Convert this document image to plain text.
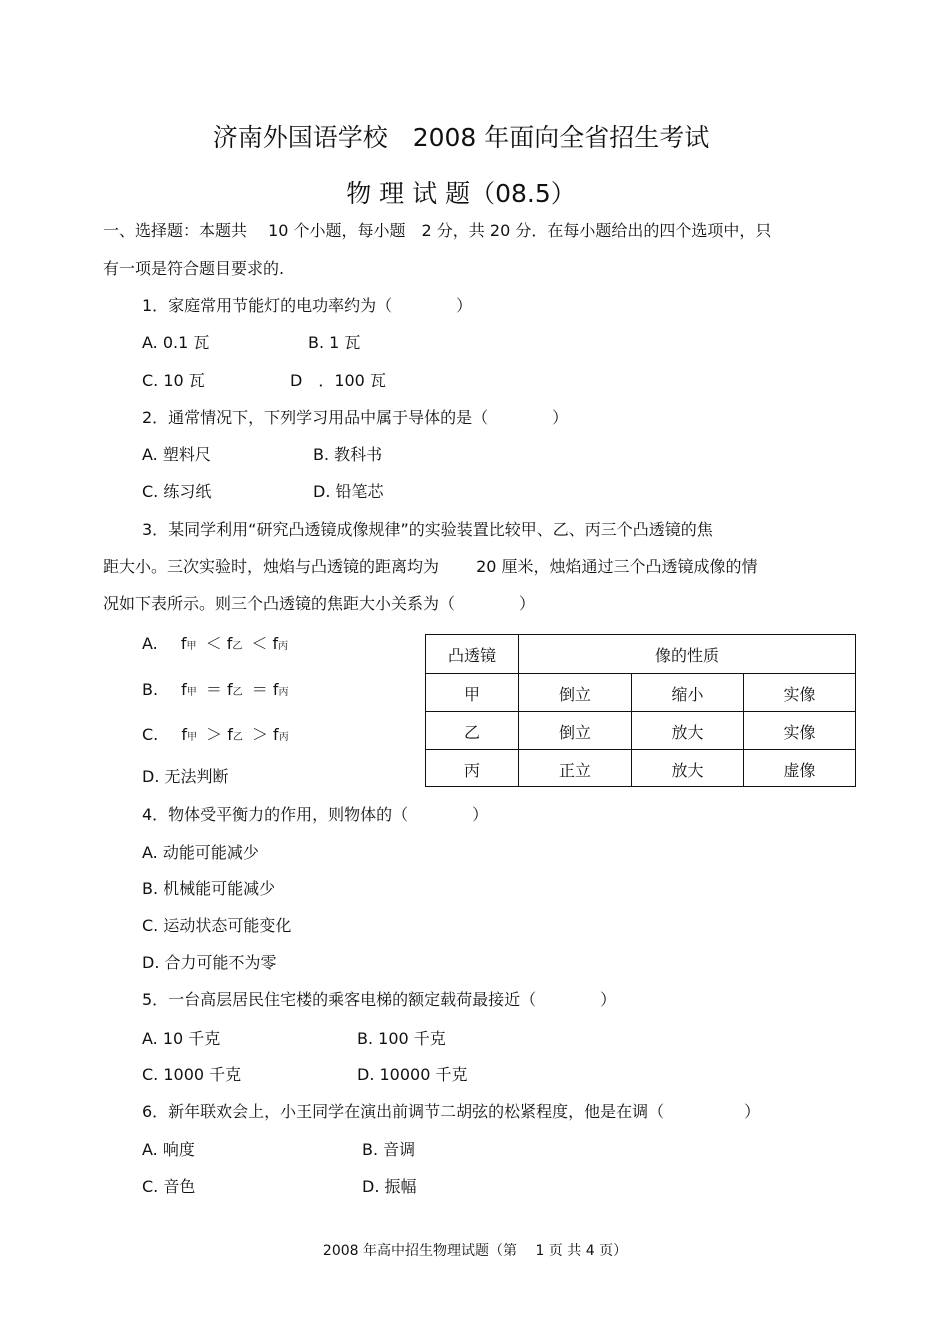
济南外国语学校　2008 年面向全省招生考试
物 理 试 题（08.5）
一、选择题：本题共　 10 个小题，每小题　2 分，共 20 分．在每小题给出的四个选项中，只
有一项是符合题目要求的.
1．家庭常用节能灯的电功率约为（　　　　）
A. 0.1 瓦	B. 1 瓦
C. 10 瓦	D　．100 瓦
2．通常情况下，下列学习用品中属于导体的是（　　　　）
A. 塑料尺	B. 教科书
C. 练习纸	D. 铅笔芯
3．某同学利用“研究凸透镜成像规律”的实验装置比较甲、乙、丙三个凸透镜的焦
距大小。三次实验时，烛焰与凸透镜的距离均为　　 20 厘米，烛焰通过三个凸透镜成像的情
况如下表所示。则三个凸透镜的焦距大小关系为（　　　　）
A. f甲 ＜ f乙 ＜ f丙
B. f甲 ＝ f乙 ＝ f丙
C. f甲 ＞ f乙 ＞ f丙
D. 无法判断
凸透镜	像的性质		
甲	倒立	缩小	实像
乙	倒立	放大	实像
丙	正立	放大	虚像
4．物体受平衡力的作用，则物体的（　　　　）
A. 动能可能减少
B. 机械能可能减少
C. 运动状态可能变化
D. 合力可能不为零
5．一台高层居民住宅楼的乘客电梯的额定载荷最接近（　　　　）
A. 10 千克	B. 100 千克
C. 1000 千克	D. 10000 千克
6．新年联欢会上，小王同学在演出前调节二胡弦的松紧程度，他是在调（　　　　　）
A. 响度	B. 音调
C. 音色	D. 振幅
2008 年高中招生物理试题（第　 1 页 共 4 页）
